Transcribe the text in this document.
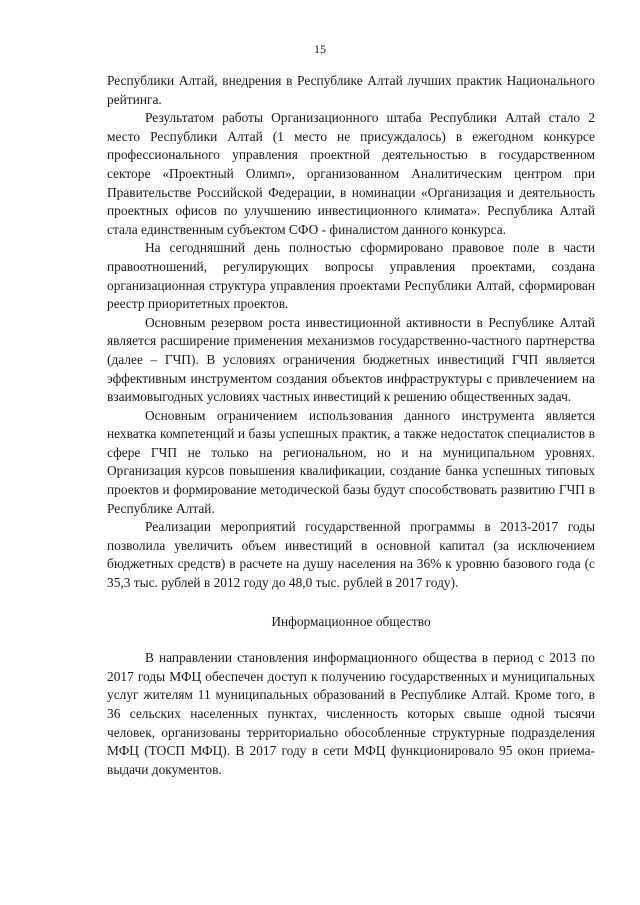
15

Республики Алтай, внедрения в Республике Алтай лучших практик Национального рейтинга.

Результатом работы Организационного штаба Республики Алтай стало 2 место Республики Алтай (1 место не присуждалось) в ежегодном конкурсе профессионального управления проектной деятельностью в государственном секторе «Проектный Олимп», организованном Аналитическим центром при Правительстве Российской Федерации, в номинации «Организация и деятельность проектных офисов по улучшению инвестиционного климата». Республика Алтай стала единственным субъектом СФО - финалистом данного конкурса.

На сегодняшний день полностью сформировано правовое поле в части правоотношений, регулирующих вопросы управления проектами, создана организационная структура управления проектами Республики Алтай, сформирован реестр приоритетных проектов.

Основным резервом роста инвестиционной активности в Республике Алтай является расширение применения механизмов государственно-частного партнерства (далее – ГЧП). В условиях ограничения бюджетных инвестиций ГЧП является эффективным инструментом создания объектов инфраструктуры с привлечением на взаимовыгодных условиях частных инвестиций к решению общественных задач.

Основным ограничением использования данного инструмента является нехватка компетенций и базы успешных практик, а также недостаток специалистов в сфере ГЧП не только на региональном, но и на муниципальном уровнях. Организация курсов повышения квалификации, создание банка успешных типовых проектов и формирование методической базы будут способствовать развитию ГЧП в Республике Алтай.

Реализации мероприятий государственной программы в 2013-2017 годы позволила увеличить объем инвестиций в основной капитал (за исключением бюджетных средств) в расчете на душу населения на 36% к уровню базового года (с 35,3 тыс. рублей в 2012 году до 48,0 тыс. рублей в 2017 году).

Информационное общество

В направлении становления информационного общества в период с 2013 по 2017 годы МФЦ обеспечен доступ к получению государственных и муниципальных услуг жителям 11 муниципальных образований в Республике Алтай. Кроме того, в 36 сельских населенных пунктах, численность которых свыше одной тысячи человек, организованы территориально обособленные структурные подразделения МФЦ (ТОСП МФЦ). В 2017 году в сети МФЦ функционировало 95 окон приема-выдачи документов.
